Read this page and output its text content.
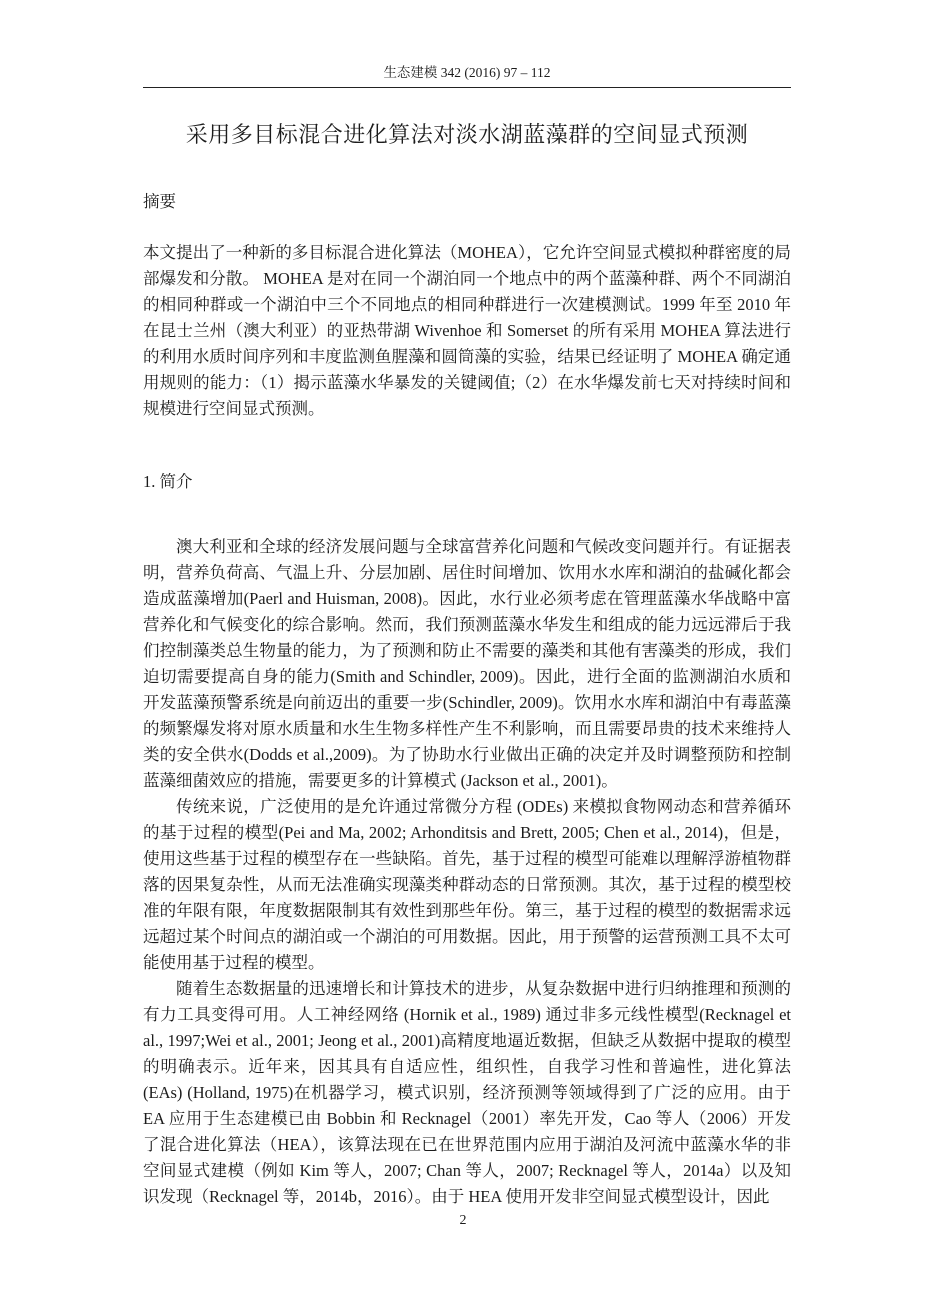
生态建模 342 (2016) 97 – 112
采用多目标混合进化算法对淡水湖蓝藻群的空间显式预测
摘要

本文提出了一种新的多目标混合进化算法（MOHEA），它允许空间显式模拟种群密度的局部爆发和分散。 MOHEA 是对在同一个湖泊同一个地点中的两个蓝藻种群、两个不同湖泊的相同种群或一个湖泊中三个不同地点的相同种群进行一次建模测试。1999 年至 2010 年在昆士兰州（澳大利亚）的亚热带湖 Wivenhoe 和 Somerset 的所有采用 MOHEA 算法进行的利用水质时间序列和丰度监测鱼腥藻和圆筒藻的实验，结果已经证明了 MOHEA 确定通用规则的能力：（1）揭示蓝藻水华暴发的关键阈值;（2）在水华爆发前七天对持续时间和规模进行空间显式预测。

1. 简介

澳大利亚和全球的经济发展问题与全球富营养化问题和气候改变问题并行。有证据表明，营养负荷高、气温上升、分层加剧、居住时间增加、饮用水水库和湖泊的盐碱化都会造成蓝藻增加(Paerl and Huisman, 2008)。因此，水行业必须考虑在管理蓝藻水华战略中富营养化和气候变化的综合影响。然而，我们预测蓝藻水华发生和组成的能力远远滞后于我们控制藻类总生物量的能力，为了预测和防止不需要的藻类和其他有害藻类的形成，我们迫切需要提高自身的能力(Smith and Schindler, 2009)。因此，进行全面的监测湖泊水质和开发蓝藻预警系统是向前迈出的重要一步(Schindler, 2009)。饮用水水库和湖泊中有毒蓝藻的频繁爆发将对原水质量和水生生物多样性产生不利影响，而且需要昂贵的技术来维持人类的安全供水(Dodds et al.,2009)。为了协助水行业做出正确的决定并及时调整预防和控制蓝藻细菌效应的措施，需要更多的计算模式 (Jackson et al., 2001)。

传统来说，广泛使用的是允许通过常微分方程 (ODEs) 来模拟食物网动态和营养循环的基于过程的模型(Pei and Ma, 2002; Arhonditsis and Brett, 2005; Chen et al., 2014)，但是，使用这些基于过程的模型存在一些缺陷。首先，基于过程的模型可能难以理解浮游植物群落的因果复杂性，从而无法准确实现藻类种群动态的日常预测。其次，基于过程的模型校准的年限有限，年度数据限制其有效性到那些年份。第三，基于过程的模型的数据需求远远超过某个时间点的湖泊或一个湖泊的可用数据。因此，用于预警的运营预测工具不太可能使用基于过程的模型。

随着生态数据量的迅速增长和计算技术的进步，从复杂数据中进行归纳推理和预测的有力工具变得可用。人工神经网络 (Hornik et al., 1989) 通过非多元线性模型(Recknagel et al., 1997;Wei et al., 2001; Jeong et al., 2001)高精度地逼近数据，但缺乏从数据中提取的模型的明确表示。近年来，因其具有自适应性，组织性，自我学习性和普遍性，进化算法 (EAs) (Holland, 1975)在机器学习，模式识别，经济预测等领域得到了广泛的应用。由于 EA 应用于生态建模已由 Bobbin 和 Recknagel（2001）率先开发，Cao 等人（2006）开发了混合进化算法（HEA），该算法现在已在世界范围内应用于湖泊及河流中蓝藻水华的非空间显式建模（例如 Kim 等人，2007; Chan 等人，2007; Recknagel 等人，2014a）以及知识发现（Recknagel 等，2014b，2016）。由于 HEA 使用开发非空间显式模型设计，因此

2
